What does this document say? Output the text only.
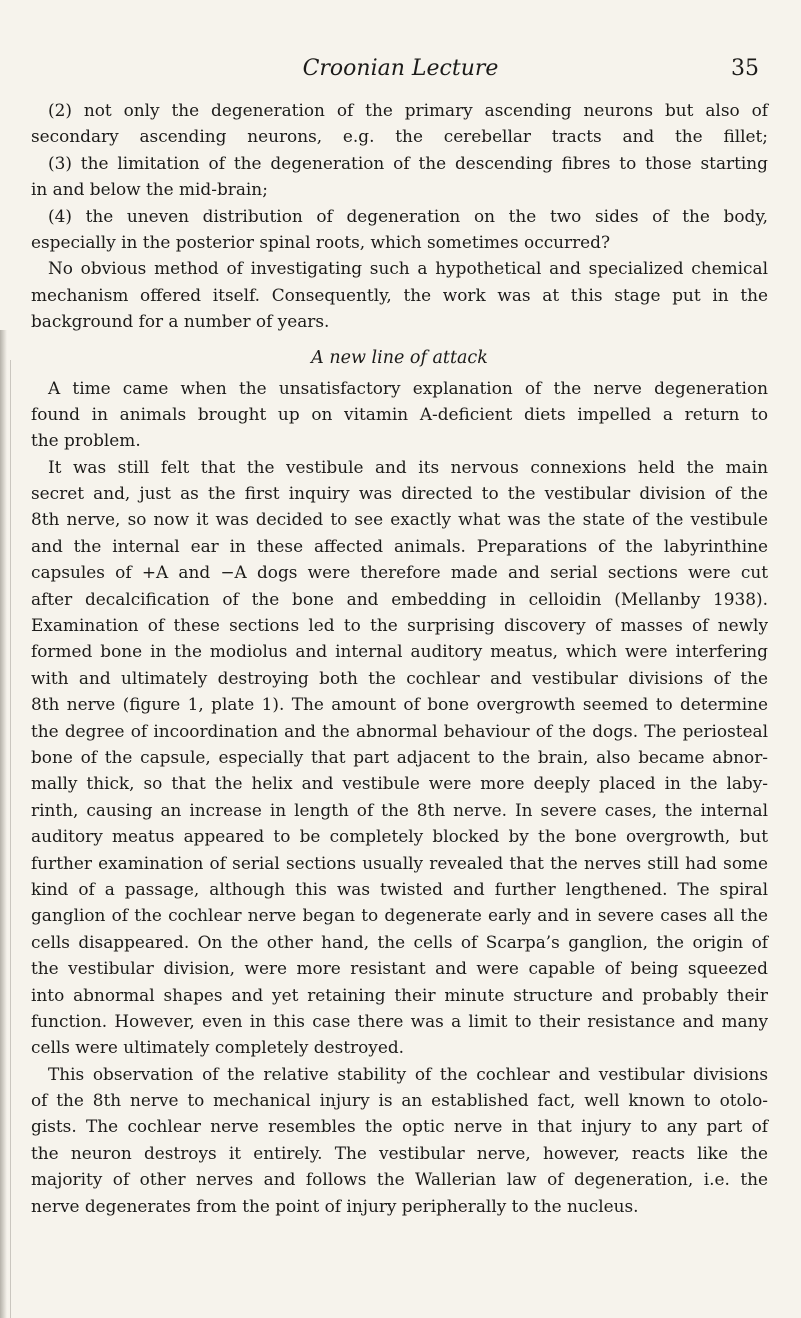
Croonian Lecture	35
(2) not only the degeneration of the primary ascending neurons but also of
secondary ascending neurons, e.g. the cerebellar tracts and the fillet;
(3) the limitation of the degeneration of the descending fibres to those starting
in and below the mid-brain;
(4) the uneven distribution of degeneration on the two sides of the body,
especially in the posterior spinal roots, which sometimes occurred?
No obvious method of investigating such a hypothetical and specialized chemical
mechanism offered itself. Consequently, the work was at this stage put in the
background for a number of years.
A new line of attack
A time came when the unsatisfactory explanation of the nerve degeneration
found in animals brought up on vitamin A-deficient diets impelled a return to
the problem.
It was still felt that the vestibule and its nervous connexions held the main
secret and, just as the first inquiry was directed to the vestibular division of the
8th nerve, so now it was decided to see exactly what was the state of the vestibule
and the internal ear in these affected animals. Preparations of the labyrinthine
capsules of +A and −A dogs were therefore made and serial sections were cut
after decalcification of the bone and embedding in celloidin (Mellanby 1938).
Examination of these sections led to the surprising discovery of masses of newly
formed bone in the modiolus and internal auditory meatus, which were interfering
with and ultimately destroying both the cochlear and vestibular divisions of the
8th nerve (figure 1, plate 1). The amount of bone overgrowth seemed to determine
the degree of incoordination and the abnormal behaviour of the dogs. The periosteal
bone of the capsule, especially that part adjacent to the brain, also became abnor-
mally thick, so that the helix and vestibule were more deeply placed in the laby-
rinth, causing an increase in length of the 8th nerve. In severe cases, the internal
auditory meatus appeared to be completely blocked by the bone overgrowth, but
further examination of serial sections usually revealed that the nerves still had some
kind of a passage, although this was twisted and further lengthened. The spiral
ganglion of the cochlear nerve began to degenerate early and in severe cases all the
cells disappeared. On the other hand, the cells of Scarpa’s ganglion, the origin of
the vestibular division, were more resistant and were capable of being squeezed
into abnormal shapes and yet retaining their minute structure and probably their
function. However, even in this case there was a limit to their resistance and many
cells were ultimately completely destroyed.
This observation of the relative stability of the cochlear and vestibular divisions
of the 8th nerve to mechanical injury is an established fact, well known to otolo-
gists. The cochlear nerve resembles the optic nerve in that injury to any part of
the neuron destroys it entirely. The vestibular nerve, however, reacts like the
majority of other nerves and follows the Wallerian law of degeneration, i.e. the
nerve degenerates from the point of injury peripherally to the nucleus.
